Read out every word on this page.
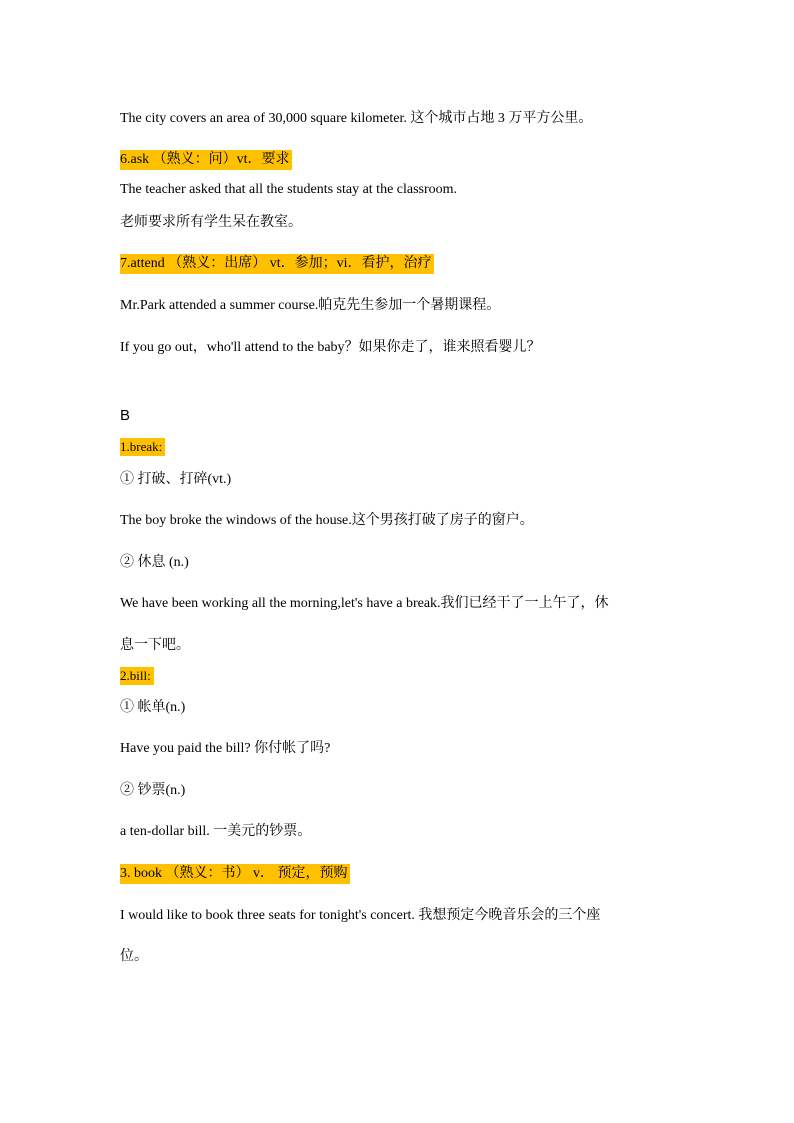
The city covers an area of 30,000 square kilometer. 这个城市占地 3 万平方公里。
6.ask （熟义：问）vt．要求
The teacher asked that all the students stay at the classroom.
老师要求所有学生呆在教室。
7.attend （熟义：出席） vt．参加；vi．看护，治疗
Mr.Park attended a summer course.帕克先生参加一个暑期课程。
If you go out，who'll attend to the baby？如果你走了，谁来照看婴儿？
B
1.break:
① 打破、打碎(vt.)
The boy broke the windows of the house.这个男孩打破了房子的窗户。
② 休息 (n.)
We have been working all the morning,let's have a break.我们已经干了一上午了，休
息一下吧。
2.bill:
① 帐单(n.)
Have you paid the bill? 你付帐了吗?
② 钞票(n.)
a ten-dollar bill. 一美元的钞票。
3. book （熟义：书） v． 预定，预购
I would like to book three seats for tonight's concert. 我想预定今晚音乐会的三个座
位。
